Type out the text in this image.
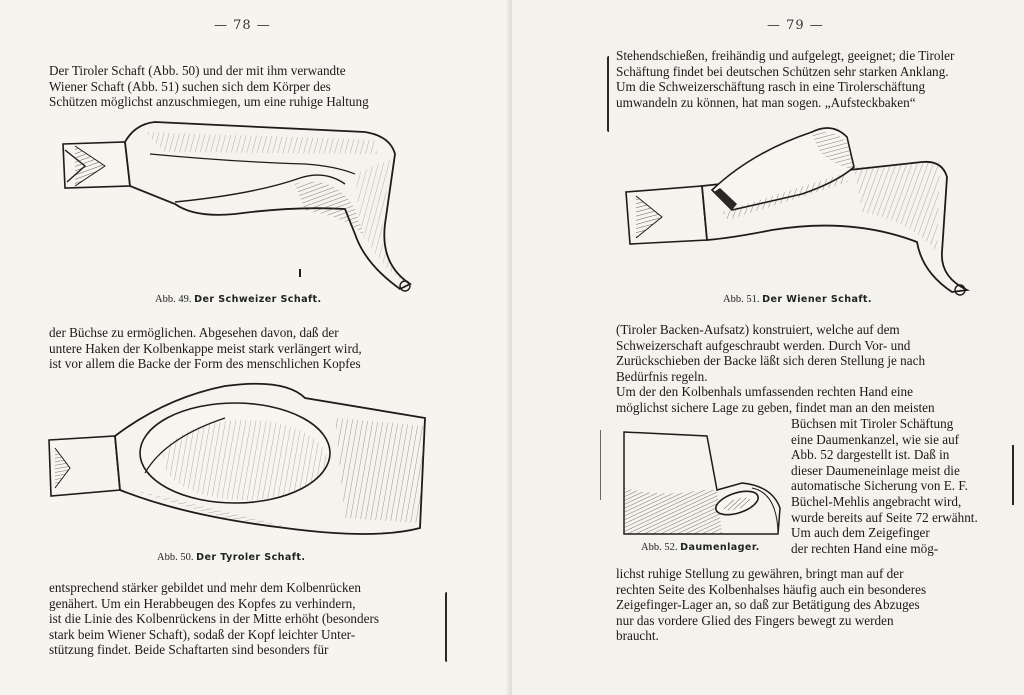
— 78 —
Der Tiroler Schaft (Abb. 50) und der mit ihm verwandte
Wiener Schaft (Abb. 51) suchen sich dem Körper des
Schützen möglichst anzuschmiegen, um eine ruhige Haltung
Abb. 49. Der Schweizer Schaft.
der Büchse zu ermöglichen. Abgesehen davon, daß der
untere Haken der Kolbenkappe meist stark verlängert wird,
ist vor allem die Backe der Form des menschlichen Kopfes
Abb. 50. Der Tyroler Schaft.
entsprechend stärker gebildet und mehr dem Kolbenrücken
genähert. Um ein Herabbeugen des Kopfes zu verhindern,
ist die Linie des Kolbenrückens in der Mitte erhöht (besonders
stark beim Wiener Schaft), sodaß der Kopf leichter Unter-
stützung findet. Beide Schaftarten sind besonders für
— 79 —
Stehendschießen, freihändig und aufgelegt, geeignet; die Tiroler
Schäftung findet bei deutschen Schützen sehr starken Anklang.
Um die Schweizerschäftung rasch in eine Tirolerschäftung
umwandeln zu können, hat man sogen. „Aufsteckbaken“
Abb. 51. Der Wiener Schaft.
(Tiroler Backen-Aufsatz) konstruiert, welche auf dem
Schweizerschaft aufgeschraubt werden. Durch Vor- und
Zurückschieben der Backe läßt sich deren Stellung je nach
Bedürfnis regeln.
Um der den Kolbenhals umfassenden rechten Hand eine
möglichst sichere Lage zu geben, findet man an den meisten
Abb. 52. Daumenlager.
Büchsen mit Tiroler Schäftung
eine Daumenkanzel, wie sie auf
Abb. 52 dargestellt ist. Daß in
dieser Daumeneinlage meist die
automatische Sicherung von E. F.
Büchel-Mehlis angebracht wird,
wurde bereits auf Seite 72 erwähnt.
Um auch dem Zeigefinger
der rechten Hand eine mög-
lichst ruhige Stellung zu gewähren, bringt man auf der
rechten Seite des Kolbenhalses häufig auch ein besonderes
Zeigefinger-Lager an, so daß zur Betätigung des Abzuges
nur das vordere Glied des Fingers bewegt zu werden
braucht.
